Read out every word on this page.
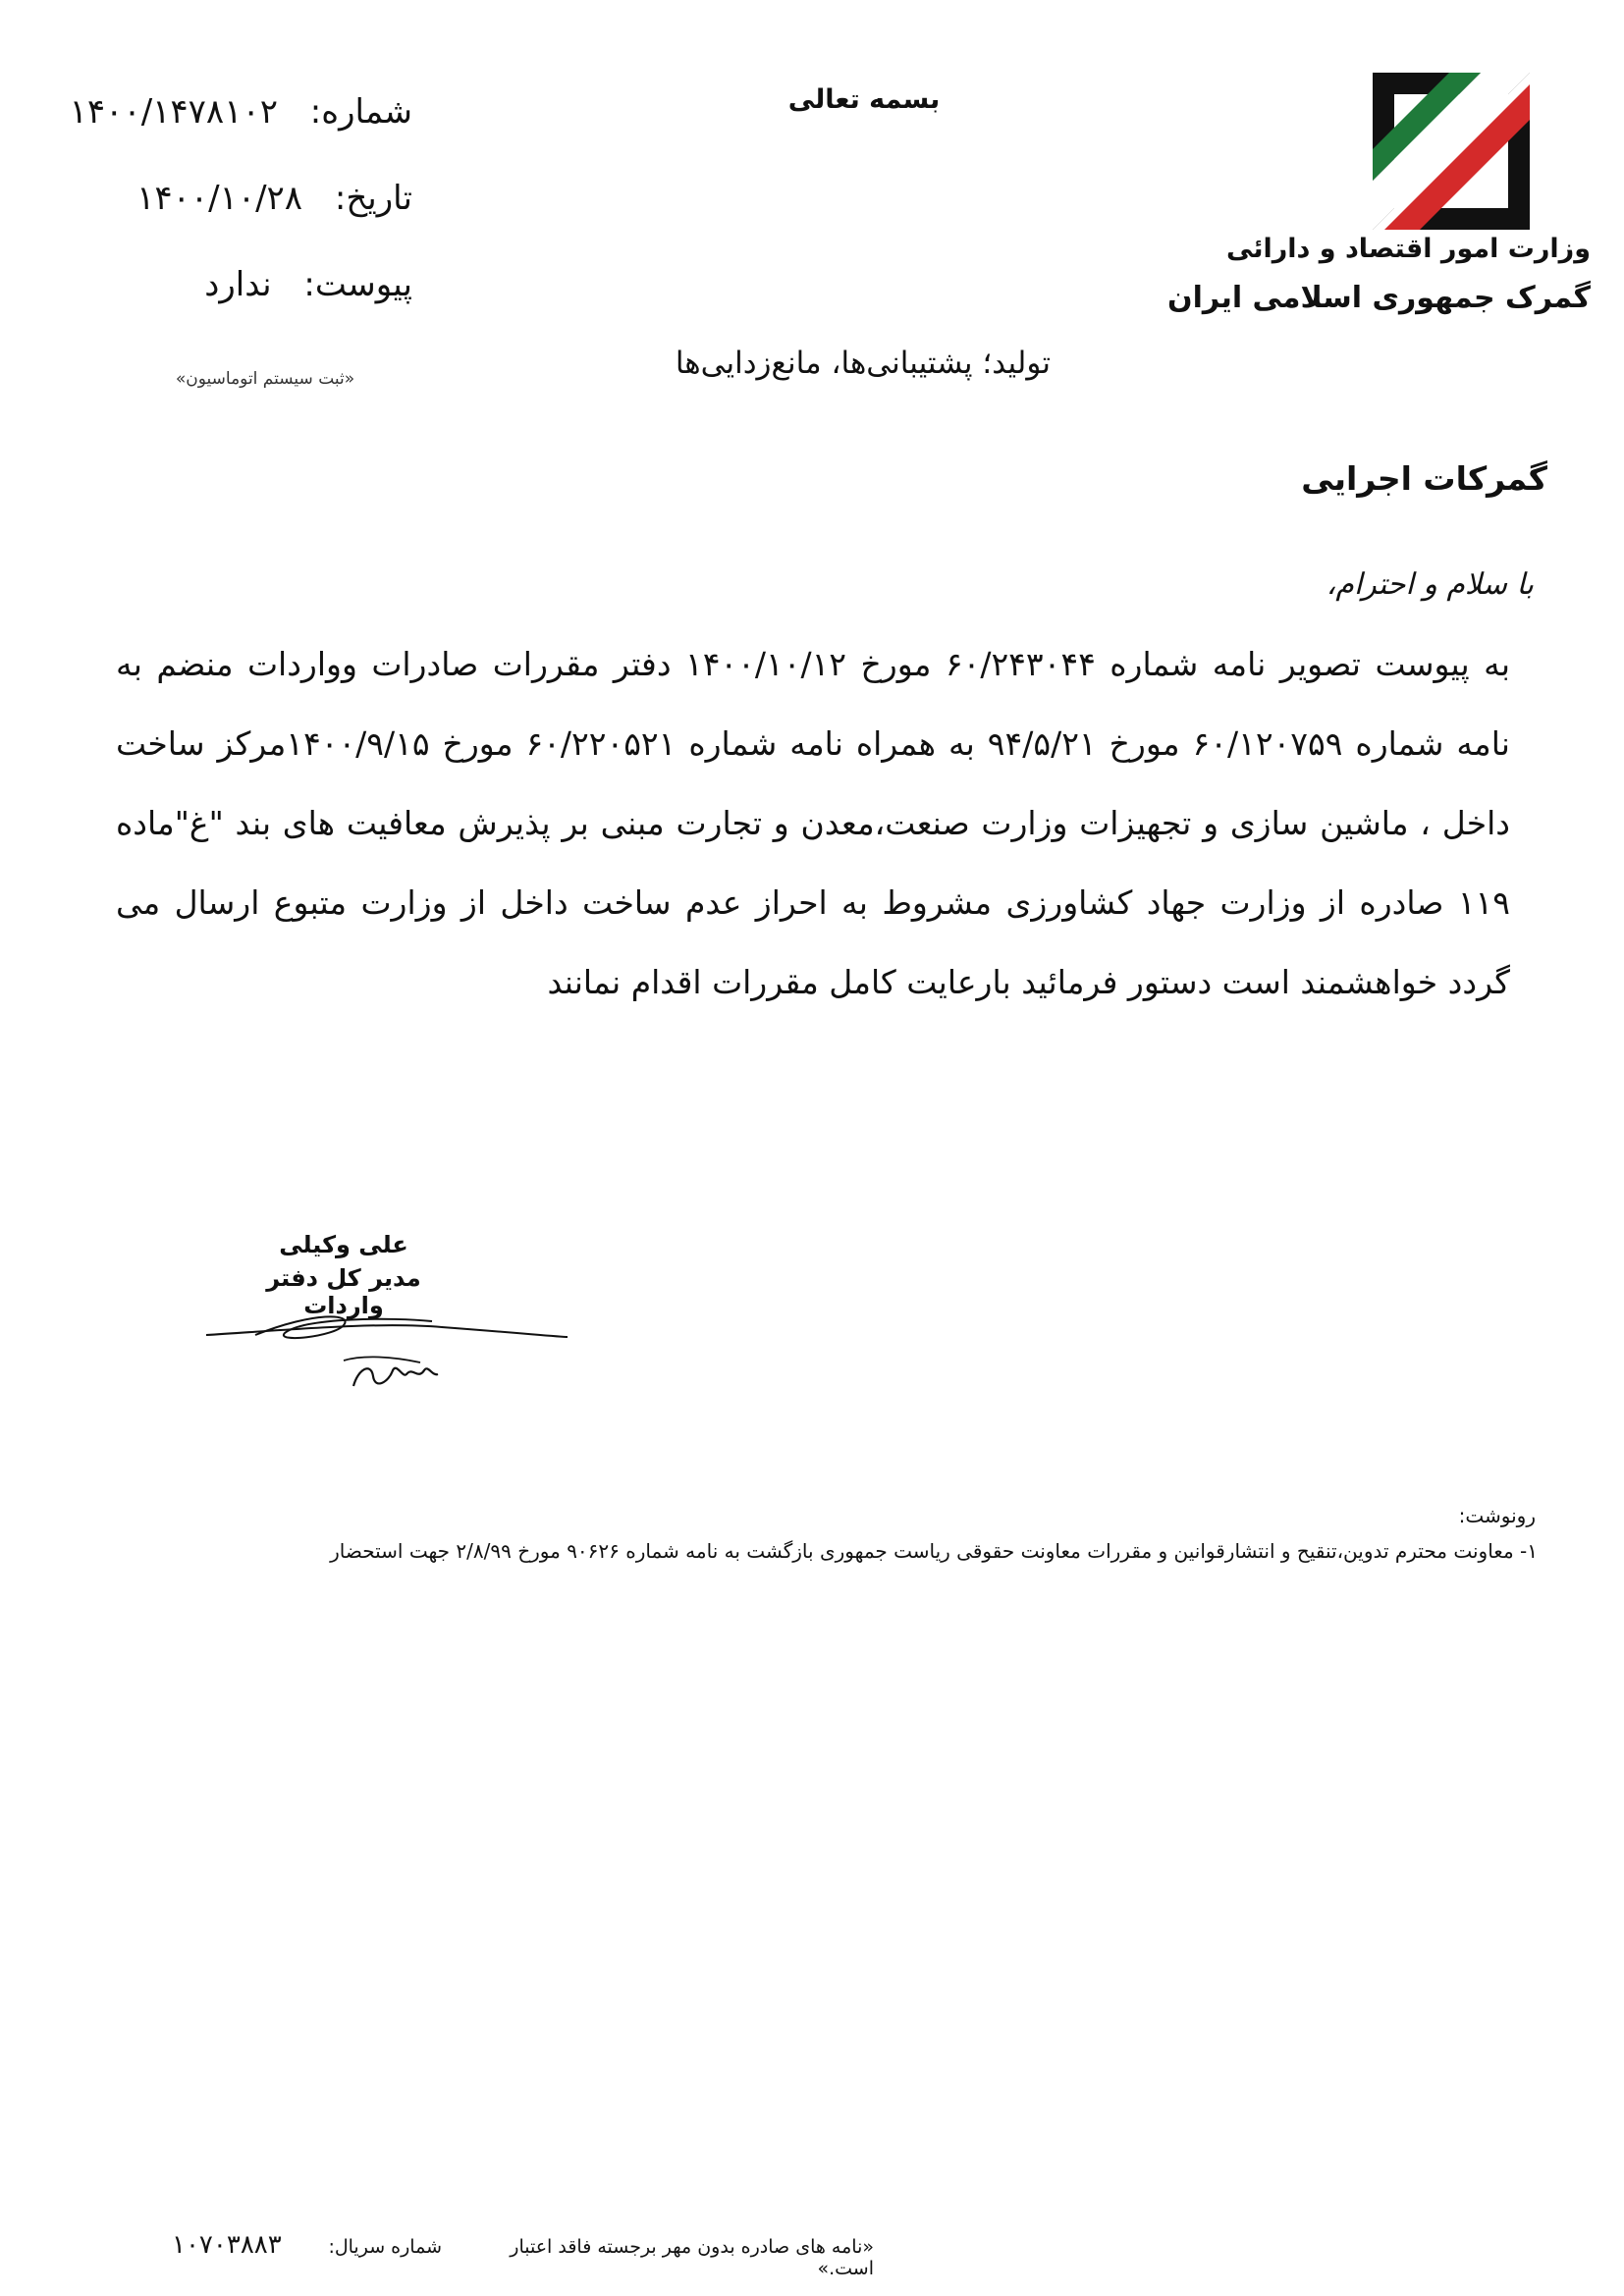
وزارت امور اقتصاد و دارائی
گمرک جمهوری اسلامی ایران
بسمه تعالی
شماره: ۱۴۰۰/۱۴۷۸۱۰۲
تاریخ: ۱۴۰۰/۱۰/۲۸
پیوست: ندارد
«ثبت سیستم اتوماسیون»	تولید؛ پشتیبانی‌ها، مانع‌زدایی‌ها
گمرکات اجرایی
با سلام و احترام،
به پیوست تصویر نامه شماره ۶۰/۲۴۳۰۴۴ مورخ ۱۴۰۰/۱۰/۱۲ دفتر مقررات صادرات وواردات منضم به نامه شماره ۶۰/۱۲۰۷۵۹ مورخ ۹۴/۵/۲۱ به همراه نامه شماره ۶۰/۲۲۰۵۲۱ مورخ ۱۴۰۰/۹/۱۵مرکز ساخت داخل ، ماشین سازی و تجهیزات وزارت صنعت،معدن و تجارت مبنی بر پذیرش معافیت های بند "غ"ماده ۱۱۹ صادره از وزارت جهاد کشاورزی مشروط به احراز عدم ساخت داخل از وزارت متبوع ارسال می گردد خواهشمند است دستور فرمائید بارعایت کامل مقررات اقدام نمانند
علی وکیلی
مدیر کل دفتر واردات
رونوشت:
۱- معاونت محترم تدوین،تنقیح و انتشارقوانین و مقررات معاونت حقوقی ریاست جمهوری بازگشت به نامه شماره ۹۰۶۲۶ مورخ ۲/۸/۹۹ جهت استحضار
«نامه های صادره بدون مهر برجسته فاقد اعتبار است.»
شماره سریال:
۱۰۷۰۳۸۸۳
